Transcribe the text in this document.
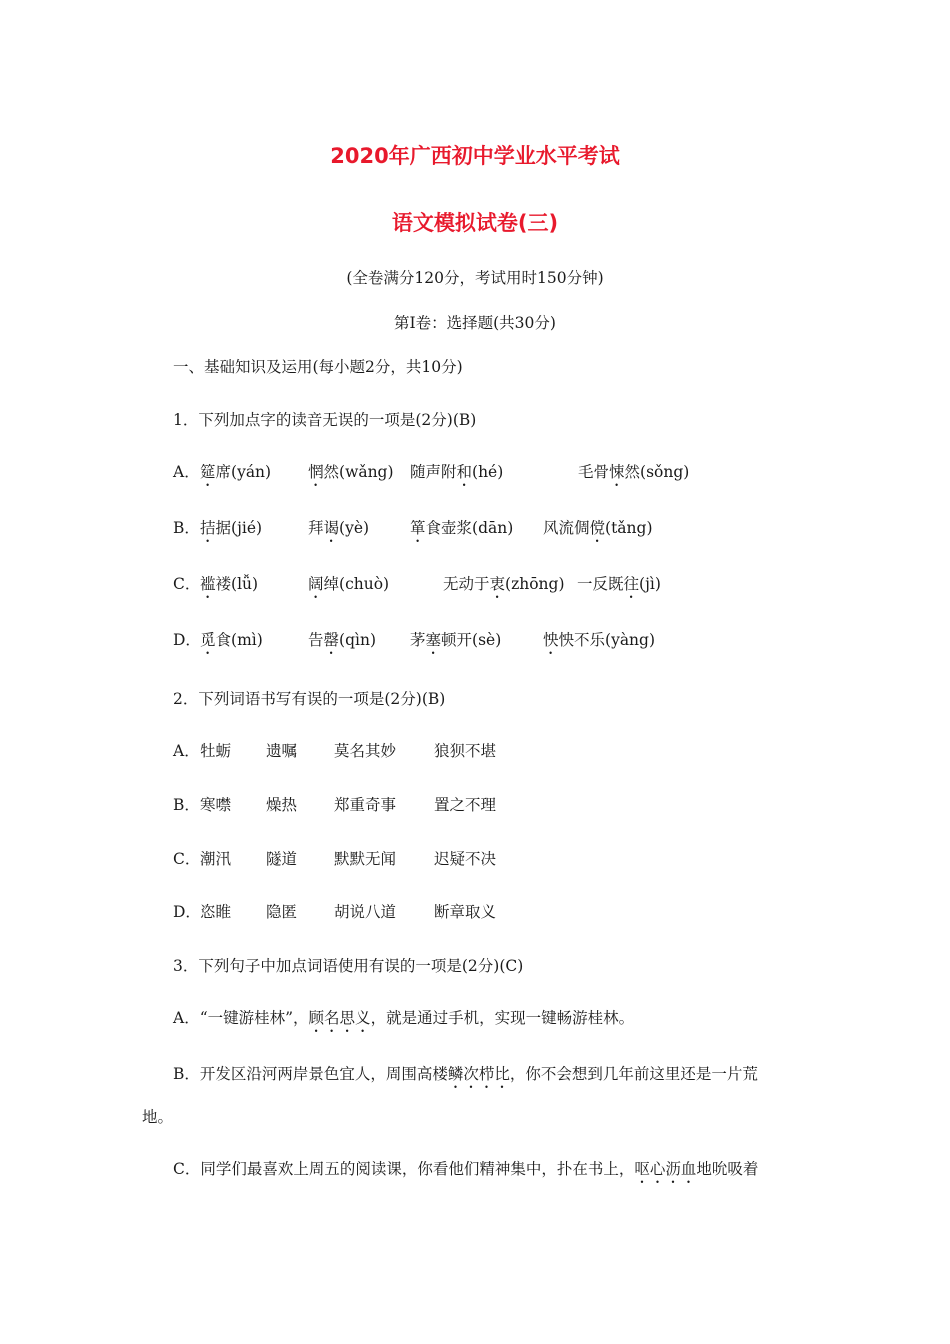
2020年广西初中学业水平考试
语文模拟试卷(三)
(全卷满分120分，考试用时150分钟)
第Ⅰ卷：选择题(共30分)
一、基础知识及运用(每小题2分，共10分)
1．下列加点字的读音无误的一项是(2分)(B)
A． 筵席(yán) 惘然(wǎng) 随声附和(hé)	毛骨悚然(sǒng)
B． 拮据(jié)	拜谒(yè)	箪食壶浆(dān) 风流倜傥(tǎng)
C． 褴褛(lǚ)	阔绰(chuò)	无动于衷(zhōng) 一反既往(jì)
D． 觅食(mì)	告罄(qìn) 茅塞顿开(sè)	怏怏不乐(yàng)
2．下列词语书写有误的一项是(2分)(B)
A． 牡蛎 遗嘱 莫名其妙 狼狈不堪
B． 寒噤 燥热 郑重奇事 置之不理
C． 潮汛 隧道 默默无闻 迟疑不决
D． 恣睢 隐匿 胡说八道 断章取义
3．下列句子中加点词语使用有误的一项是(2分)(C)
A．“一键游桂林”，顾名思义，就是通过手机，实现一键畅游桂林。
B．开发区沿河两岸景色宜人，周围高楼鳞次栉比，你不会想到几年前这里还是一片荒
地。
C．同学们最喜欢上周五的阅读课，你看他们精神集中，扑在书上，呕心沥血地吮吸着
